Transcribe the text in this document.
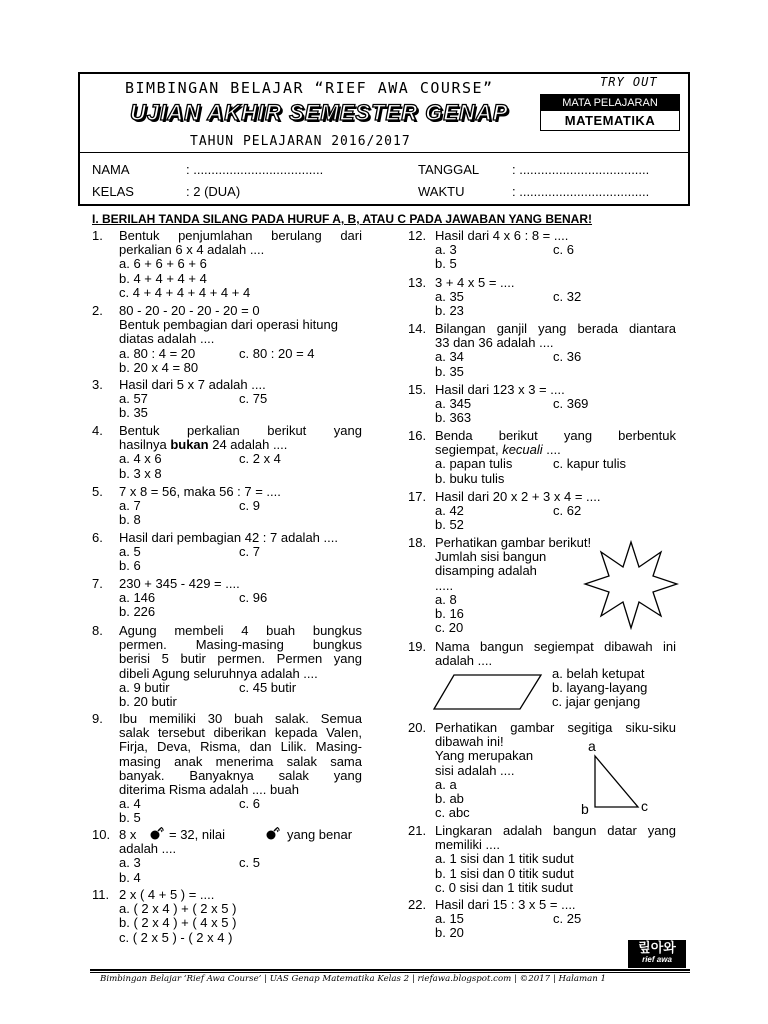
BIMBINGAN BELAJAR “RIEF AWA COURSE”
UJIAN AKHIR SEMESTER GENAP
TAHUN PELAJARAN 2016/2017
TRY OUT
MATA PELAJARAN
MATEMATIKA
NAMA	: ....................................
KELAS	: 2 (DUA)
TANGGAL	: ....................................
WAKTU	: ....................................
I. BERILAH TANDA SILANG PADA HURUF A, B, ATAU C PADA JAWABAN YANG BENAR!
1. Bentuk penjumlahan berulang dari
perkalian 6 x 4 adalah ....
a. 6 + 6 + 6 + 6
b. 4 + 4 + 4 + 4
c. 4 + 4 + 4 + 4 + 4 + 4
2. 80 - 20 - 20 - 20 - 20 = 0
Bentuk pembagian dari operasi hitung
diatas adalah ....
a. 80 : 4 = 20	c. 80 : 20 = 4
b. 20 x 4 = 80
3. Hasil dari 5 x 7 adalah ....
a. 57	c. 75
b. 35
4. Bentuk perkalian berikut yang
hasilnya bukan 24 adalah ....
a. 4 x 6	c. 2 x 4
b. 3 x 8
5. 7 x 8 = 56, maka 56 : 7 = ....
a. 7	c. 9
b. 8
6. Hasil dari pembagian 42 : 7 adalah ....
a. 5	c. 7
b. 6
7. 230 + 345 - 429 = ....
a. 146	c. 96
b. 226
8. Agung membeli 4 buah bungkus
permen. Masing-masing bungkus
berisi 5 butir permen. Permen yang
dibeli Agung seluruhnya adalah ....
a. 9 butir	c. 45 butir
b. 20 butir
9. Ibu memiliki 30 buah salak. Semua
salak tersebut diberikan kepada Valen,
Firja, Deva, Risma, dan Lilik. Masing-
masing anak menerima salak sama
banyak. Banyaknya salak yang
diterima Risma adalah .... buah
a. 4	c. 6
b. 5
10. 8 x	= 32, nilai	yang benar
adalah ....
a. 3	c. 5
b. 4
11. 2 x ( 4 + 5 ) = ....
a. ( 2 x 4 ) + ( 2 x 5 )
b. ( 2 x 4 ) + ( 4 x 5 )
c. ( 2 x 5 ) - ( 2 x 4 )
12. Hasil dari 4 x 6 : 8 = ....
a. 3	c. 6
b. 5
13. 3 + 4 x 5 = ....
a. 35	c. 32
b. 23
14. Bilangan ganjil yang berada diantara
33 dan 36 adalah ....
a. 34	c. 36
b. 35
15. Hasil dari 123 x 3 = ....
a. 345	c. 369
b. 363
16. Benda berikut yang berbentuk
segiempat, kecuali ....
a. papan tulis	c. kapur tulis
b. buku tulis
17. Hasil dari 20 x 2 + 3 x 4 = ....
a. 42	c. 62
b. 52
18. Perhatikan gambar berikut!
Jumlah sisi bangun
disamping adalah
.....
a. 8
b. 16
c. 20
19. Nama bangun segiempat dibawah ini
adalah ....
a. belah ketupat
b. layang-layang
c. jajar genjang
20. Perhatikan gambar segitiga siku-siku
dibawah ini!
Yang merupakan
sisi adalah ....
a. a
b. ab
c. abc
a
b	c
21. Lingkaran adalah bangun datar yang
memiliki ....
a. 1 sisi dan 1 titik sudut
b. 1 sisi dan 0 titik sudut
c. 0 sisi dan 1 titik sudut
22. Hasil dari 15 : 3 x 5 = ....
a. 15	c. 25
b. 20
맆아와
rief awa
Bimbingan Belajar ‘Rief Awa Course’ | UAS Genap Matematika Kelas 2 | riefawa.blogspot.com | ©2017 | Halaman 1
